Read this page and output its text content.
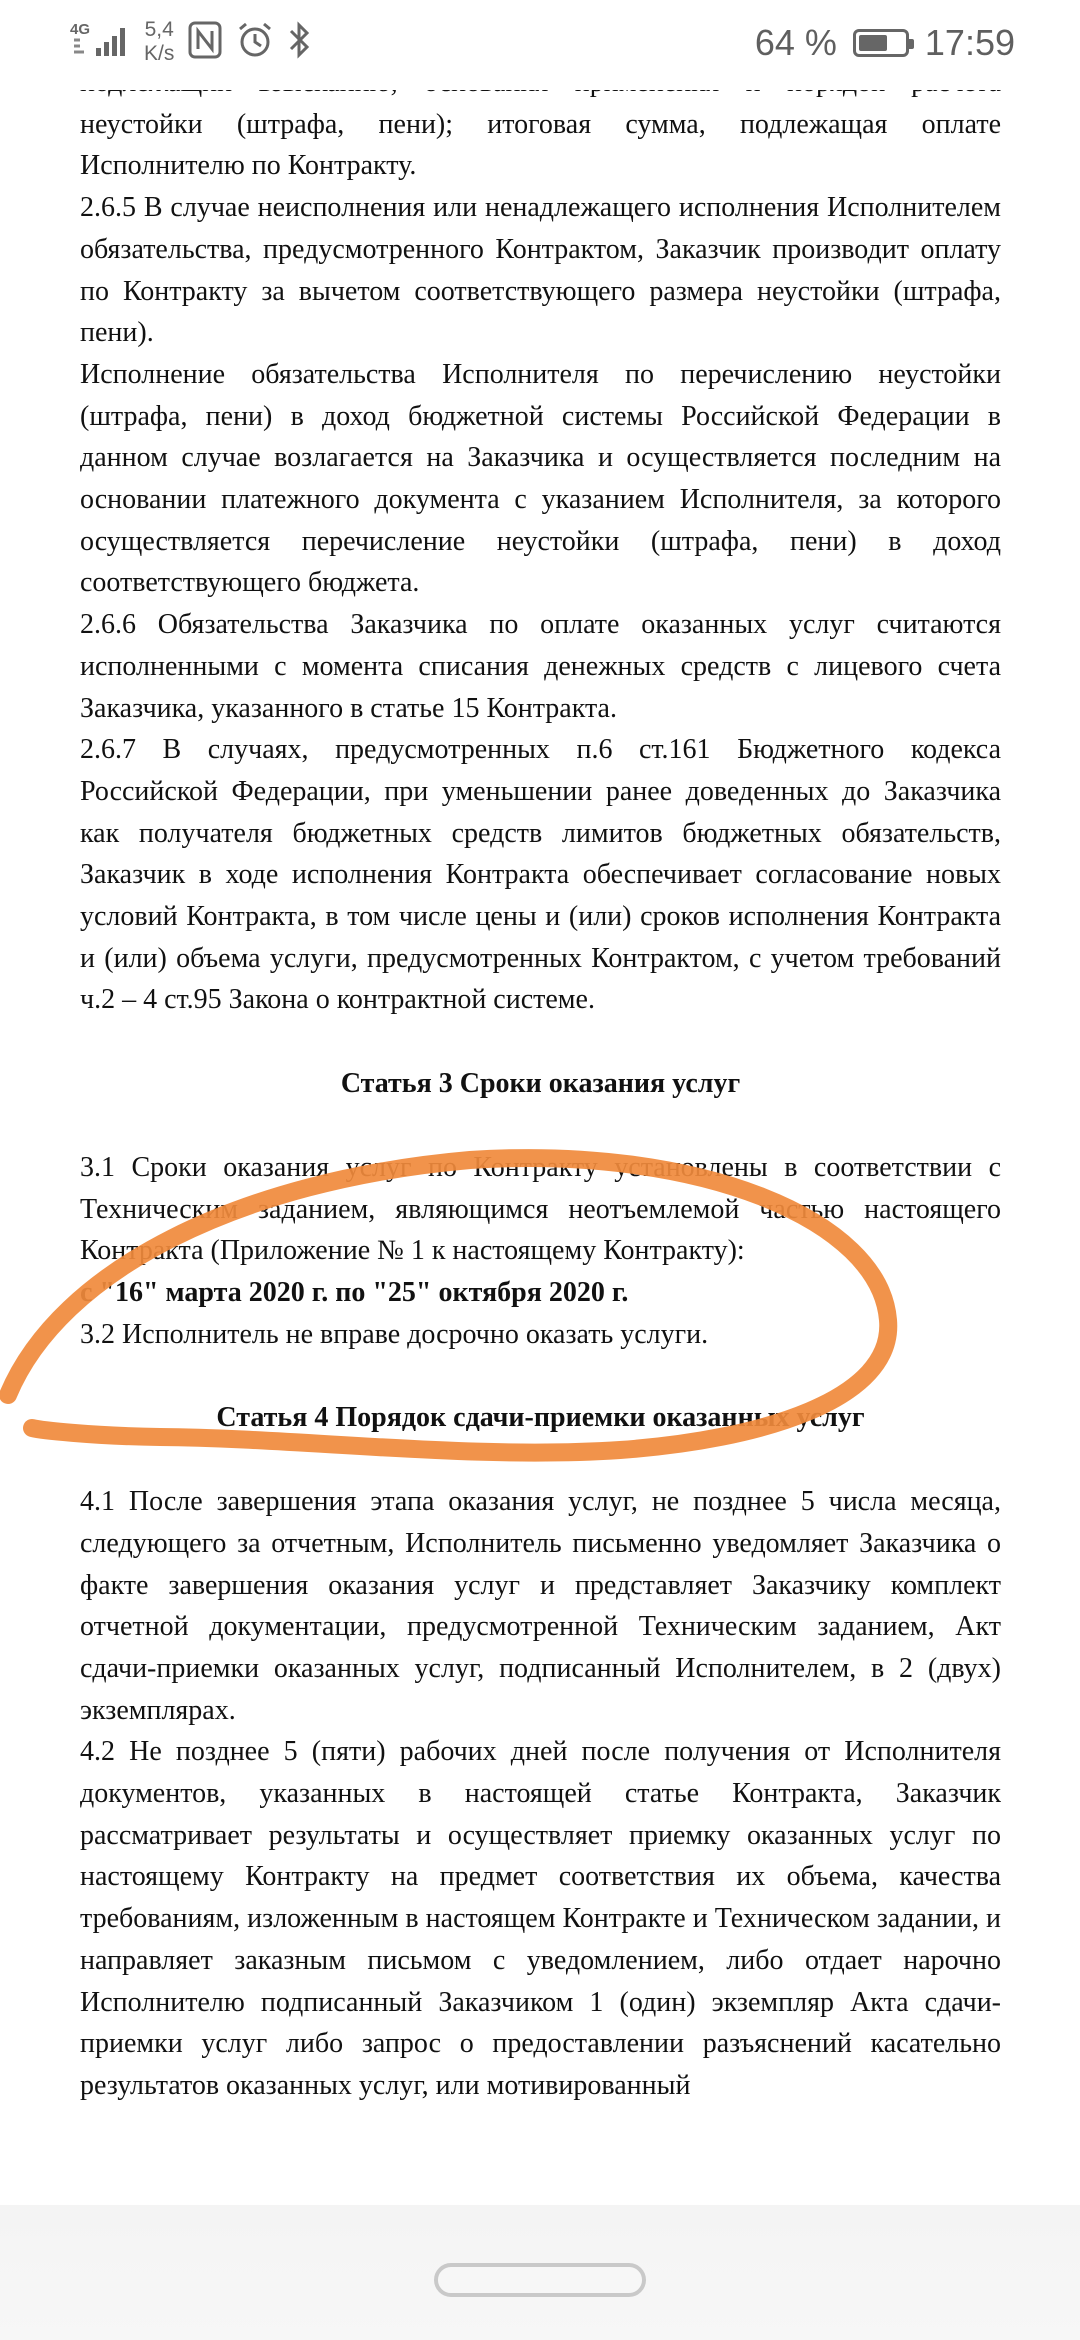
4G	5,4
K/s	64 % 17:59

неустойки (штрафа, пени); итоговая сумма, подлежащая оплате Исполнителю по Контракту.

2.6.5 В случае неисполнения или ненадлежащего исполнения Исполнителем обязательства, предусмотренного Контрактом, Заказчик производит оплату по Контракту за вычетом соответствующего размера неустойки (штрафа, пени).

Исполнение обязательства Исполнителя по перечислению неустойки (штрафа, пени) в доход бюджетной системы Российской Федерации в данном случае возлагается на Заказчика и осуществляется последним на основании платежного документа с указанием Исполнителя, за которого осуществляется перечисление неустойки (штрафа, пени) в доход соответствующего бюджета.

2.6.6 Обязательства Заказчика по оплате оказанных услуг считаются исполненными с момента списания денежных средств с лицевого счета Заказчика, указанного в статье 15 Контракта.

2.6.7 В случаях, предусмотренных п.6 ст.161 Бюджетного кодекса Российской Федерации, при уменьшении ранее доведенных до Заказчика как получателя бюджетных средств лимитов бюджетных обязательств, Заказчик в ходе исполнения Контракта обеспечивает согласование новых условий Контракта, в том числе цены и (или) сроков исполнения Контракта и (или) объема услуги, предусмотренных Контрактом, с учетом требований ч.2 – 4 ст.95 Закона о контрактной системе.

Статья 3 Сроки оказания услуг

3.1 Сроки оказания услуг по Контракту установлены в соответствии с Техническим заданием, являющимся неотъемлемой частью настоящего Контракта (Приложение № 1 к настоящему Контракту):

с "16" марта 2020 г. по "25" октября 2020 г.

3.2 Исполнитель не вправе досрочно оказать услуги.

Статья 4 Порядок сдачи-приемки оказанных услуг

4.1 После завершения этапа оказания услуг, не позднее 5 числа месяца, следующего за отчетным, Исполнитель письменно уведомляет Заказчика о факте завершения оказания услуг и представляет Заказчику комплект отчетной документации, предусмотренной Техническим заданием, Акт сдачи-приемки оказанных услуг, подписанный Исполнителем, в 2 (двух) экземплярах.

4.2 Не позднее 5 (пяти) рабочих дней после получения от Исполнителя документов, указанных в настоящей статье Контракта, Заказчик рассматривает результаты и осуществляет приемку оказанных услуг по настоящему Контракту на предмет соответствия их объема, качества требованиям, изложенным в настоящем Контракте и Техническом задании, и направляет заказным письмом с уведомлением, либо отдает нарочно Исполнителю подписанный Заказчиком 1 (один) экземпляр Акта сдачи-приемки услуг либо запрос о предоставлении разъяснений касательно результатов оказанных услуг, или мотивированный
